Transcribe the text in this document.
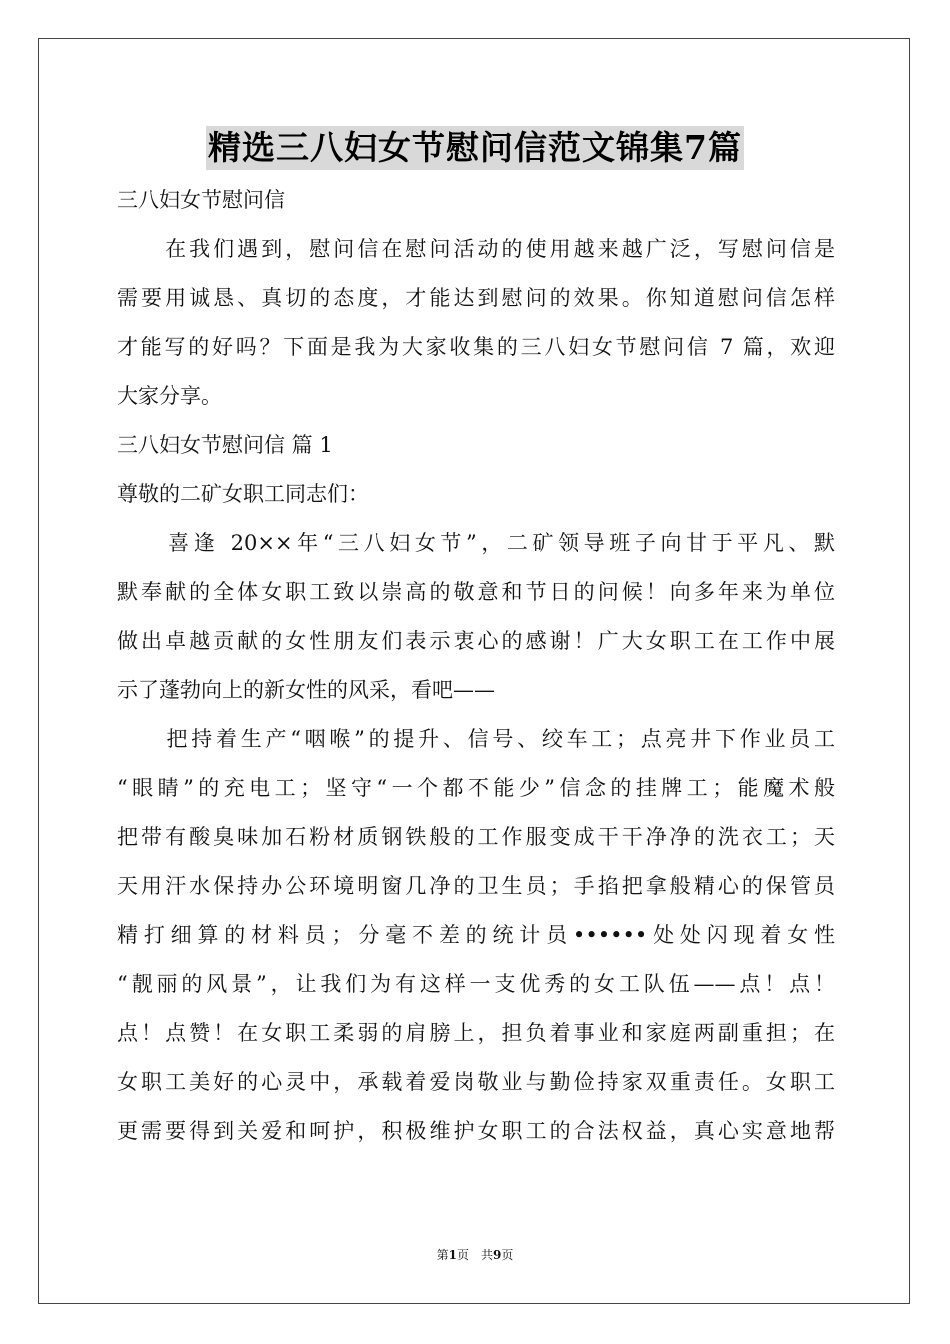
精选三八妇女节慰问信范文锦集7篇
三八妇女节慰问信
　　在我们遇到，慰问信在慰问活动的使用越来越广泛，写慰问信是
需要用诚恳、真切的态度，才能达到慰问的效果。你知道慰问信怎样
才能写的好吗？下面是我为大家收集的三八妇女节慰问信 7 篇，欢迎
大家分享。
三八妇女节慰问信 篇 1
尊敬的二矿女职工同志们：
　　喜逢 20××年“三八妇女节”，二矿领导班子向甘于平凡、默
默奉献的全体女职工致以崇高的敬意和节日的问候！向多年来为单位
做出卓越贡献的女性朋友们表示衷心的感谢！广大女职工在工作中展
示了蓬勃向上的新女性的风采，看吧——
　　把持着生产“咽喉”的提升、信号、绞车工；点亮井下作业员工
“眼睛”的充电工；坚守“一个都不能少”信念的挂牌工；能魔术般
把带有酸臭味加石粉材质钢铁般的工作服变成干干净净的洗衣工；天
天用汗水保持办公环境明窗几净的卫生员；手掐把拿般精心的保管员
精打细算的材料员；分毫不差的统计员••••••处处闪现着女性
“靓丽的风景”，让我们为有这样一支优秀的女工队伍——点！点！
点！点赞！在女职工柔弱的肩膀上，担负着事业和家庭两副重担；在
女职工美好的心灵中，承载着爱岗敬业与勤俭持家双重责任。女职工
更需要得到关爱和呵护，积极维护女职工的合法权益，真心实意地帮
第1页　共9页
